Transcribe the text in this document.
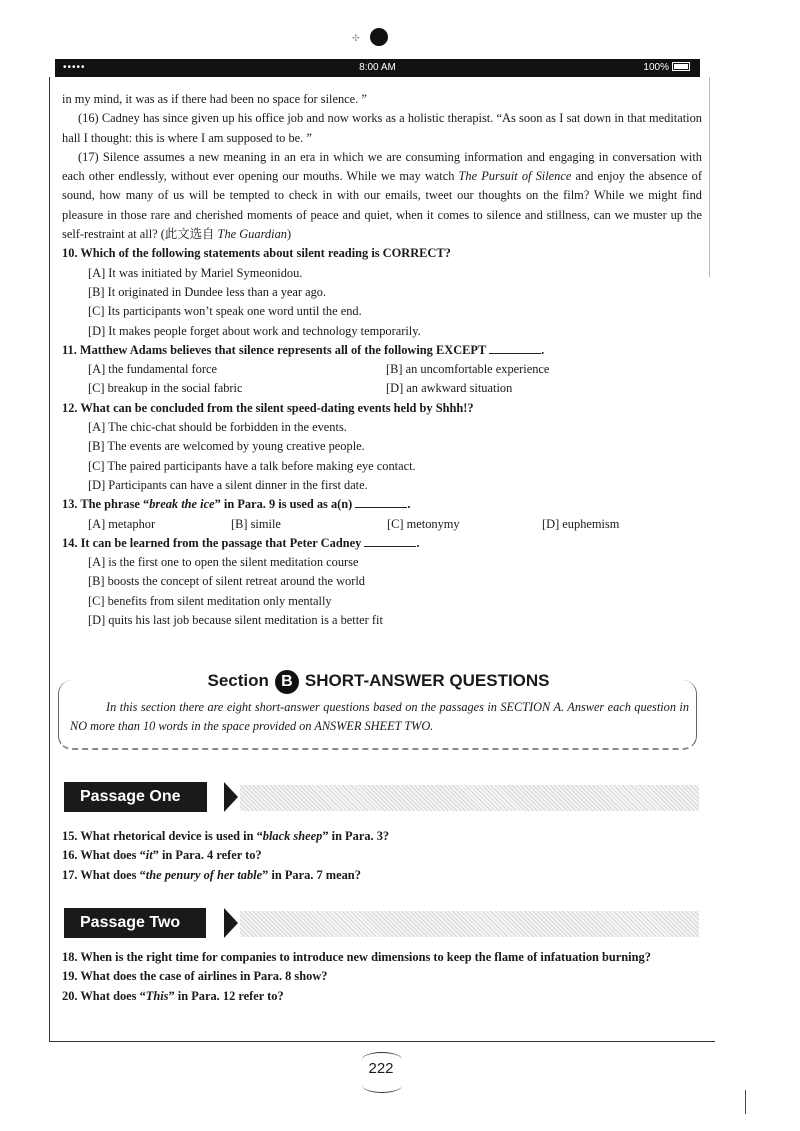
✣
•••••	8:00 AM	100%
in my mind, it was as if there had been no space for silence. ”
(16) Cadney has since given up his office job and now works as a holistic therapist. “As soon as I sat down in that meditation hall I thought: this is where I am supposed to be. ”
(17) Silence assumes a new meaning in an era in which we are consuming information and engaging in conversation with each other endlessly, without ever opening our mouths. While we may watch The Pursuit of Silence and enjoy the absence of sound, how many of us will be tempted to check in with our emails, tweet our thoughts on the film? While we might find pleasure in those rare and cherished moments of peace and quiet, when it comes to silence and stillness, can we muster up the self-restraint at all? (此文选自 The Guardian)
10. Which of the following statements about silent reading is CORRECT?
[A] It was initiated by Mariel Symeonidou.
[B] It originated in Dundee less than a year ago.
[C] Its participants won’t speak one word until the end.
[D] It makes people forget about work and technology temporarily.
11. Matthew Adams believes that silence represents all of the following EXCEPT	.
[A] the fundamental force	[B] an uncomfortable experience
[C] breakup in the social fabric	[D] an awkward situation
12. What can be concluded from the silent speed-dating events held by Shhh!?
[A] The chic-chat should be forbidden in the events.
[B] The events are welcomed by young creative people.
[C] The paired participants have a talk before making eye contact.
[D] Participants can have a silent dinner in the first date.
13. The phrase “break the ice” in Para. 9 is used as a(n)	.
[A] metaphor	[B] simile	[C] metonymy	[D] euphemism
14. It can be learned from the passage that Peter Cadney	.
[A] is the first one to open the silent meditation course
[B] boosts the concept of silent retreat around the world
[C] benefits from silent meditation only mentally
[D] quits his last job because silent meditation is a better fit
Section B SHORT-ANSWER QUESTIONS
In this section there are eight short-answer questions based on the passages in SECTION A. Answer each question in NO more than 10 words in the space provided on ANSWER SHEET TWO.
Passage One
15. What rhetorical device is used in “black sheep” in Para. 3?
16. What does “it” in Para. 4 refer to?
17. What does “the penury of her table” in Para. 7 mean?
Passage Two
18. When is the right time for companies to introduce new dimensions to keep the flame of infatuation burning?
19. What does the case of airlines in Para. 8 show?
20. What does “This” in Para. 12 refer to?
222
